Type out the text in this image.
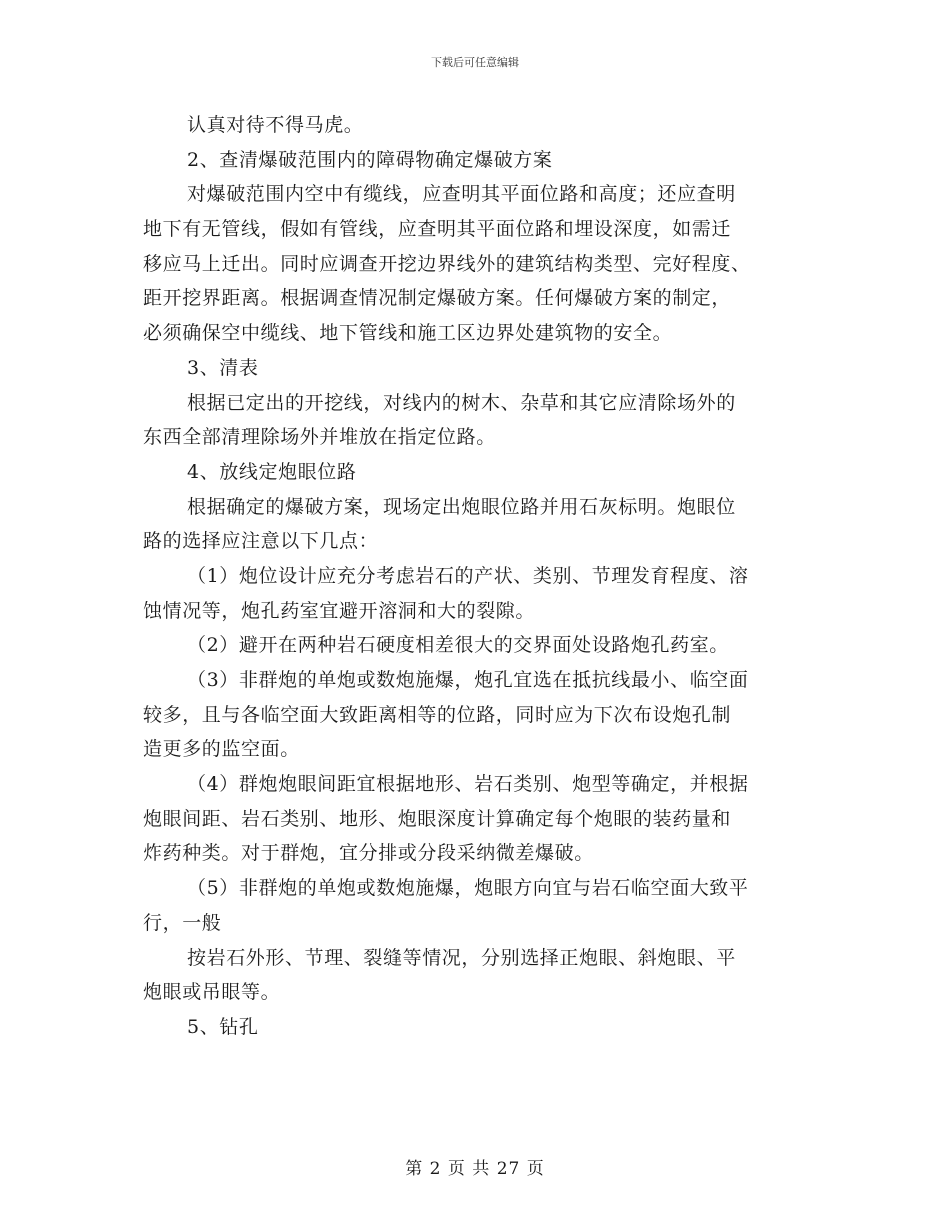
下载后可任意编辑
认真对待不得马虎。
2、查清爆破范围内的障碍物确定爆破方案
对爆破范围内空中有缆线，应查明其平面位路和高度；还应查明
地下有无管线，假如有管线，应查明其平面位路和埋设深度，如需迁
移应马上迁出。同时应调查开挖边界线外的建筑结构类型、完好程度、
距开挖界距离。根据调查情况制定爆破方案。任何爆破方案的制定，
必须确保空中缆线、地下管线和施工区边界处建筑物的安全。
3、清表
根据已定出的开挖线，对线内的树木、杂草和其它应清除场外的
东西全部清理除场外并堆放在指定位路。
4、放线定炮眼位路
根据确定的爆破方案，现场定出炮眼位路并用石灰标明。炮眼位
路的选择应注意以下几点：
（1）炮位设计应充分考虑岩石的产状、类别、节理发育程度、溶
蚀情况等，炮孔药室宜避开溶洞和大的裂隙。
（2）避开在两种岩石硬度相差很大的交界面处设路炮孔药室。
（3）非群炮的单炮或数炮施爆，炮孔宜选在抵抗线最小、临空面
较多，且与各临空面大致距离相等的位路，同时应为下次布设炮孔制
造更多的监空面。
（4）群炮炮眼间距宜根据地形、岩石类别、炮型等确定，并根据
炮眼间距、岩石类别、地形、炮眼深度计算确定每个炮眼的装药量和
炸药种类。对于群炮，宜分排或分段采纳微差爆破。
（5）非群炮的单炮或数炮施爆，炮眼方向宜与岩石临空面大致平
行，一般
按岩石外形、节理、裂缝等情况，分别选择正炮眼、斜炮眼、平
炮眼或吊眼等。
5、钻孔
第 2 页 共 27 页
